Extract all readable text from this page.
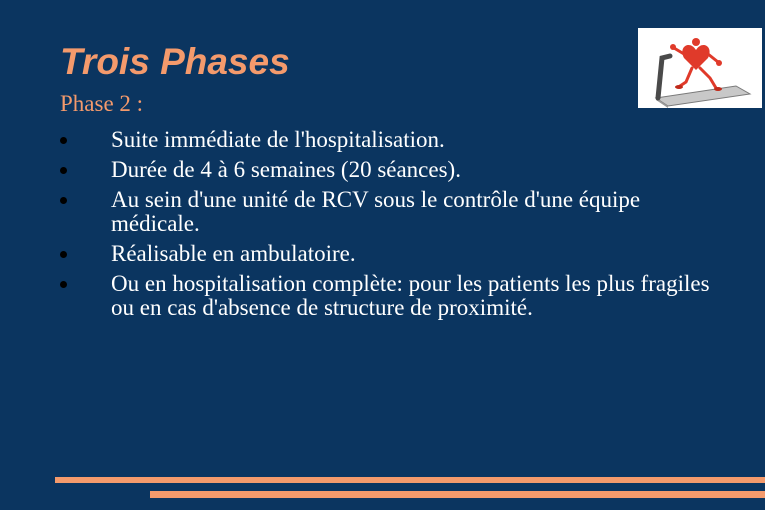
Trois Phases
Phase 2 :
Suite immédiate de l'hospitalisation.
Durée de 4 à 6 semaines (20 séances).
Au sein d'une unité de RCV sous le contrôle d'une équipe médicale.
Réalisable en ambulatoire.
Ou en hospitalisation complète: pour les patients les plus fragiles ou en cas d'absence de structure de proximité.
